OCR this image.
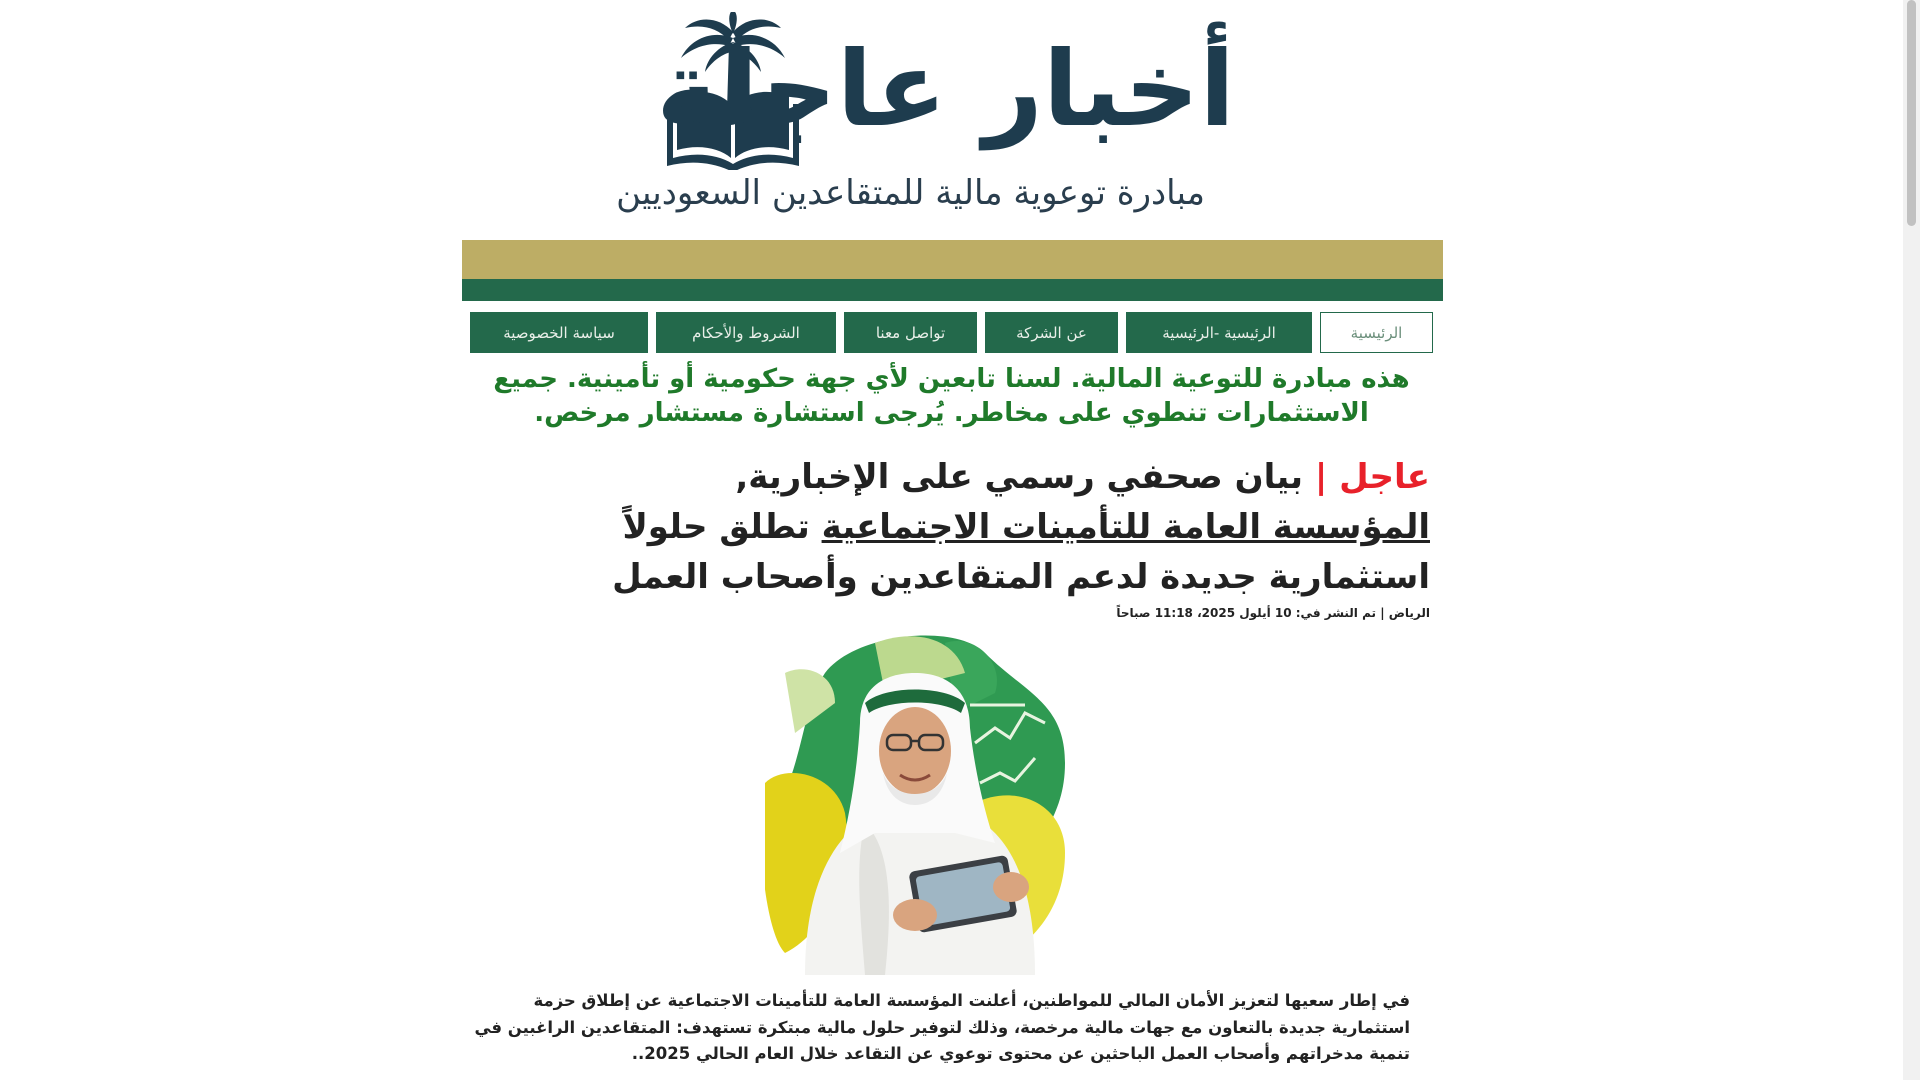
أخبار عاجلة
مبادرة توعوية مالية للمتقاعدين السعوديين
الرئيسية
الرئيسية -الرئيسية
عن الشركة
تواصل معنا
الشروط والأحكام
سياسة الخصوصية
هذه مبادرة للتوعية المالية. لسنا تابعين لأي جهة حكومية أو تأمينية. جميع الاستثمارات تنطوي على مخاطر. يُرجى استشارة مستشار مرخص.
عاجل | بيان صحفي رسمي على الإخبارية,
المؤسسة العامة للتأمينات الاجتماعية تطلق حلولاً استثمارية جديدة لدعم المتقاعدين وأصحاب العمل
الرياض | تم النشر في: 10 أيلول 2025، 11:18 صباحاً
في إطار سعيها لتعزيز الأمان المالي للمواطنين، أعلنت المؤسسة العامة للتأمينات الاجتماعية عن إطلاق حزمة استثمارية جديدة بالتعاون مع جهات مالية مرخصة، وذلك لتوفير حلول مالية مبتكرة تستهدف: المتقاعدين الراغبين في تنمية مدخراتهم وأصحاب العمل الباحثين عن محتوى توعوي عن التقاعد خلال العام الحالي 2025..
